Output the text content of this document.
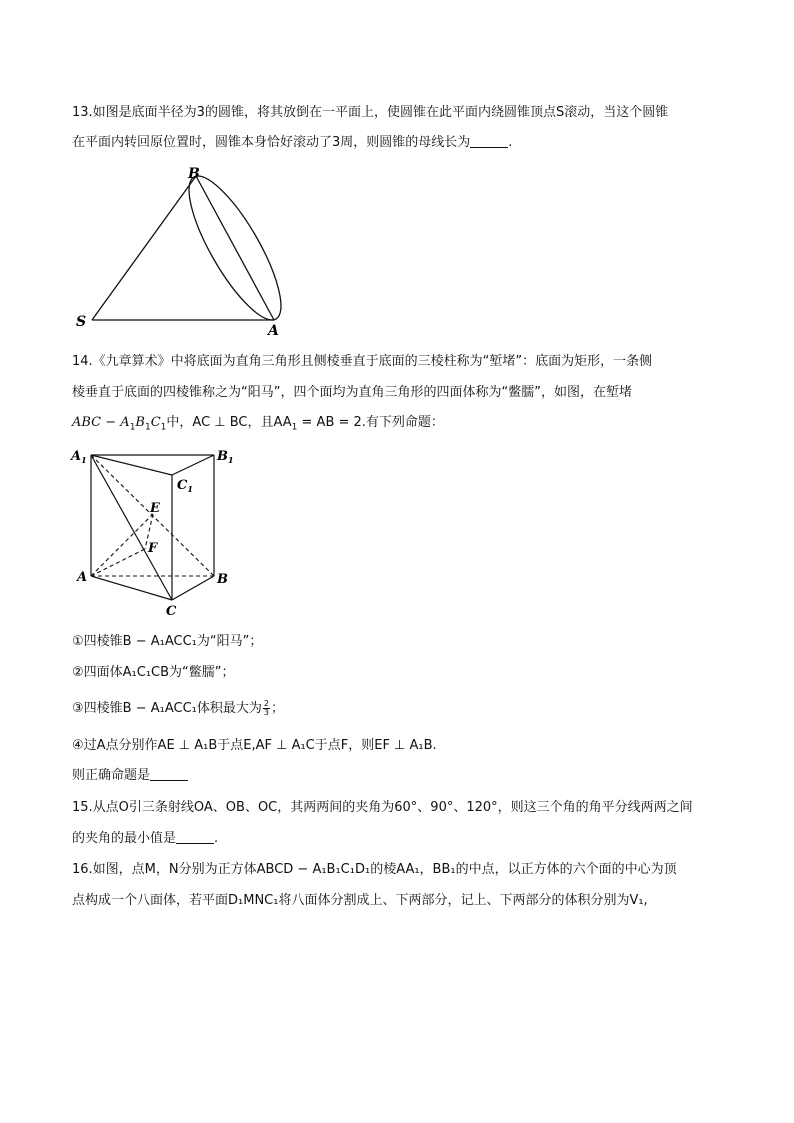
13.如图是底面半径为3的圆锥，将其放倒在一平面上，使圆锥在此平面内绕圆锥顶点S滚动，当这个圆锥
在平面内转回原位置时，圆锥本身恰好滚动了3周，则圆锥的母线长为	.
B
S
A
14.《九章算术》中将底面为直角三角形且侧棱垂直于底面的三棱柱称为“堑堵”：底面为矩形，一条侧
棱垂直于底面的四棱锥称之为“阳马”，四个面均为直角三角形的四面体称为“鳖臑”，如图，在堑堵
ABC − $A_1B_1C_1$中，AC ⊥ BC，且$AA_1$ = AB = 2.有下列命题：
$A_1$	$B_1$
$C_1$
E
F
A	B
C
①四棱锥B − A₁ACC₁为“阳马”；
②四面体A₁C₁CB为“鳖臑”；
③四棱锥B − A₁ACC₁体积最大为 $\frac{2}{3}$ ；
④过A点分别作AE ⊥ A₁B于点E,AF ⊥ A₁C于点F，则EF ⊥ A₁B.
则正确命题是
15.从点O引三条射线OA、OB、OC，其两两间的夹角为60°、90°、120°，则这三个角的角平分线两两之间
的夹角的最小值是	.
16.如图，点M，N分别为正方体ABCD − A₁B₁C₁D₁的棱AA₁，BB₁的中点，以正方体的六个面的中心为顶
点构成一个八面体，若平面D₁MNC₁将八面体分割成上、下两部分，记上、下两部分的体积分别为V₁,
